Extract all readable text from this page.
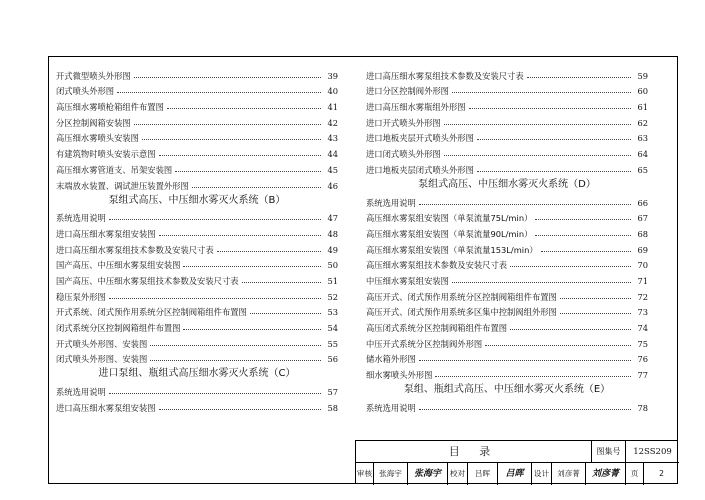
开式微型喷头外形图	39
闭式喷头外形图	40
高压细水雾喷枪箱组件布置图	41
分区控制阀箱安装图	42
高压细水雾喷头安装图	43
有建筑物时喷头安装示意图	44
高压细水雾管道支、吊架安装图	45
末端放水装置、调试泄压装置外形图	46
泵组式高压、中压细水雾灭火系统（B）
系统选用说明	47
进口高压细水雾泵组安装图	48
进口高压细水雾泵组技术参数及安装尺寸表	49
国产高压、中压细水雾泵组安装图	50
国产高压、中压细水雾泵组技术参数及安装尺寸表	51
稳压泵外形图	52
开式系统、闭式预作用系统分区控制阀箱组件布置图	53
闭式系统分区控制阀箱组件布置图	54
开式喷头外形图、安装图	55
闭式喷头外形图、安装图	56
进口泵组、瓶组式高压细水雾灭火系统（C）
系统选用说明	57
进口高压细水雾泵组安装图	58
进口高压细水雾泵组技术参数及安装尺寸表	59
进口分区控制阀外形图	60
进口高压细水雾瓶组外形图	61
进口开式喷头外形图	62
进口地板夹层开式喷头外形图	63
进口闭式喷头外形图	64
进口地板夹层闭式喷头外形图	65
泵组式高压、中压细水雾灭火系统（D）
系统选用说明	66
高压细水雾泵组安装图（单泵流量75L/min）	67
高压细水雾泵组安装图（单泵流量90L/min）	68
高压细水雾泵组安装图（单泵流量153L/min）	69
高压细水雾泵组技术参数及安装尺寸表	70
中压细水雾泵组安装图	71
高压开式、闭式预作用系统分区控制阀箱组件布置图	72
高压开式、闭式预作用系统多区集中控制阀组外形图	73
高压闭式系统分区控制阀箱组件布置图	74
中压开式系统分区控制阀外形图	75
储水箱外形图	76
细水雾喷头外形图	77
泵组、瓶组式高压、中压细水雾灭火系统（E）
系统选用说明	78
目 录	图集号	12SS209
审核 张海宇	张海宇	校对	吕晖	吕晖	设计	刘彦菁	刘彦菁	页	2
